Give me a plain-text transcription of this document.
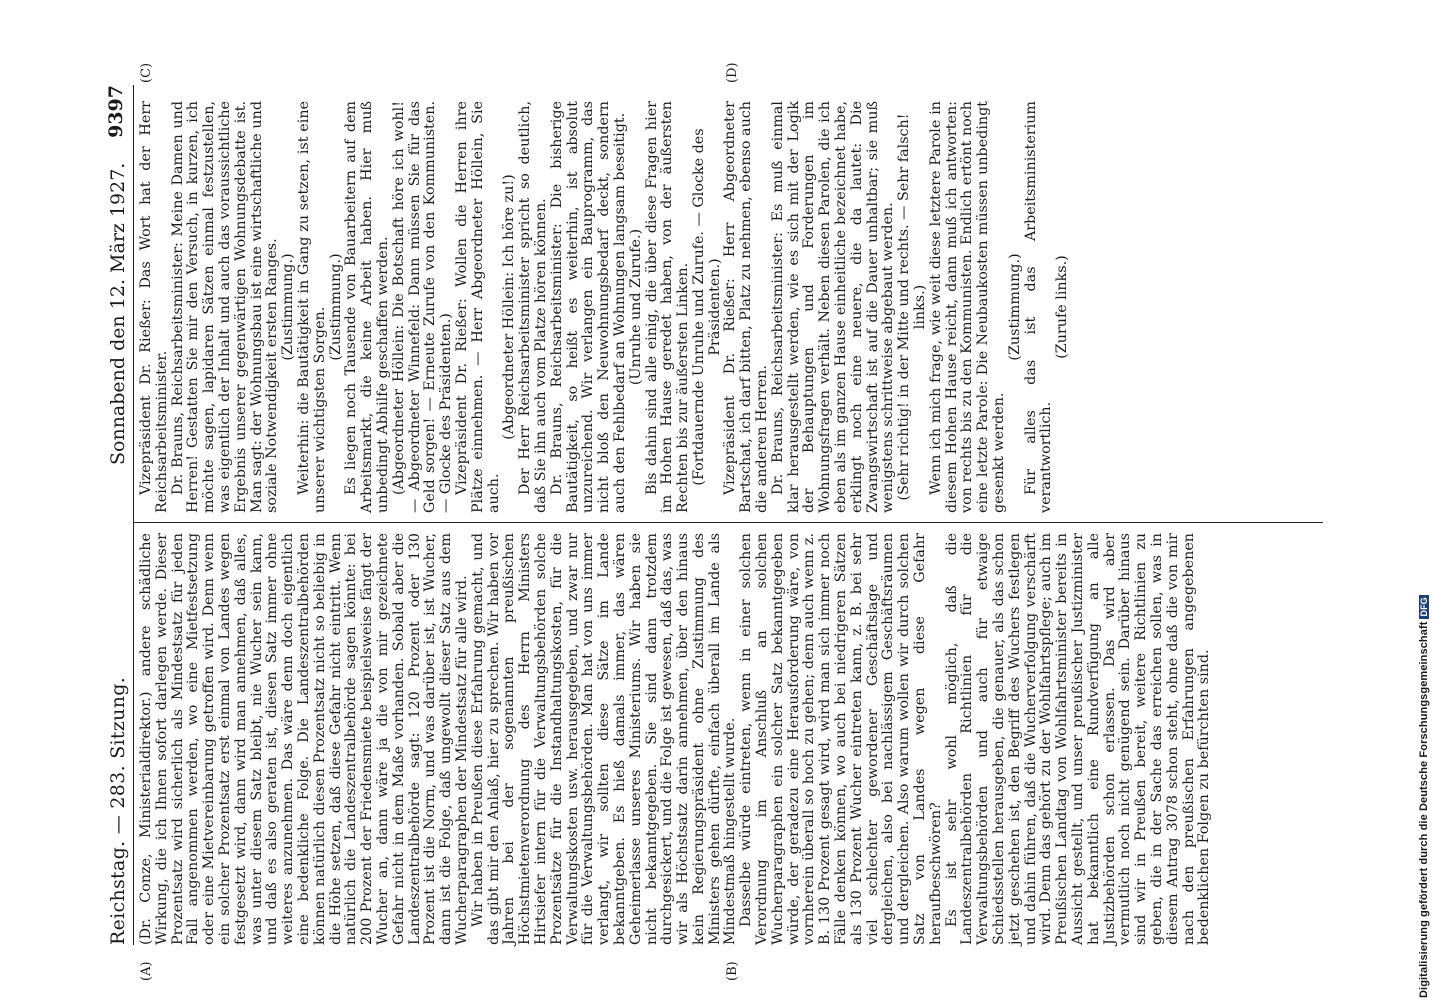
Reichstag. — 283. Sitzung.
Sonnabend den 12. März 1927.
9397
(A)	(B)
(C)	(D)

(Dr. Conze, Ministerialdirektor.) andere schädliche Wirkung, die ich Ihnen sofort darlegen werde. Dieser Prozentsatz wird sicherlich als Mindestsatz für jeden Fall angenommen werden, wo eine Mietfestsetzung oder eine Mietvereinbarung getroffen wird. Denn wenn ein solcher Prozentsatz erst einmal von Landes wegen festgesetzt wird, dann wird man annehmen, daß alles, was unter diesem Satz bleibt, nie Wucher sein kann, und daß es also geraten ist, diesen Satz immer ohne weiteres anzunehmen. Das wäre denn doch eigentlich eine bedenkliche Folge. Die Landeszentralbehörden können natürlich diesen Prozentsatz nicht so beliebig in die Höhe setzen, daß diese Gefahr nicht eintritt. Wenn natürlich die Landeszentralbehörde sagen könnte: bei 200 Prozent der Friedensmiete beispielsweise fängt der Wucher an, dann wäre ja die von mir gezeichnete Gefahr nicht in dem Maße vorhanden. Sobald aber die Landeszentralbehörde sagt: 120 Prozent oder 130 Prozent ist die Norm, und was darüber ist, ist Wucher, dann ist die Folge, daß ungewollt dieser Satz aus dem Wucherparagraphen der Mindestsatz für alle wird. Wir haben in Preußen diese Erfahrung gemacht, und das gibt mir den Anlaß, hier zu sprechen. Wir haben vor Jahren bei der sogenannten preußischen Höchstmietenverordnung des Herrn Ministers Hirtsiefer intern für die Verwaltungsbehörden solche Prozentsätze für die Instandhaltungskosten, für die Verwaltungskosten usw. herausgegeben, und zwar nur für die Verwaltungsbehörden. Man hat von uns immer verlangt, wir sollten diese Sätze im Lande bekanntgeben. Es hieß damals immer, das wären Geheimerlasse unseres Ministeriums. Wir haben sie nicht bekanntgegeben. Sie sind dann trotzdem durchgesickert, und die Folge ist gewesen, daß das, was wir als Höchstsatz darin annehmen, über den hinaus kein Regierungspräsident ohne Zustimmung des Ministers gehen dürfte, einfach überall im Lande als Mindestmaß hingestellt wurde. Dasselbe würde eintreten, wenn in einer solchen Verordnung im Anschluß an solchen Wucherparagraphen ein solcher Satz bekanntgegeben würde, der geradezu eine Herausforderung wäre, von vornherein überall so hoch zu gehen; denn auch wenn z. B. 130 Prozent gesagt wird, wird man sich immer noch Fälle denken können, wo auch bei niedrigeren Sätzen als 130 Prozent Wucher eintreten kann, z. B. bei sehr viel schlechter gewordener Geschäftslage und dergleichen, also bei nachlässigem Geschäftsräumen und dergleichen. Also warum wollen wir durch solchen Satz von Landes wegen diese Gefahr heraufbeschwören? Es ist sehr wohl möglich, daß die Landeszentralbehörden Richtlinien für die Verwaltungsbehörden und auch für etwaige Schiedsstellen herausgeben, die genauer, als das schon jetzt geschehen ist, den Begriff des Wuchers festlegen und dahin führen, daß die Wucherverfolgung verschärft wird. Denn das gehört zu der Wohlfahrtspflege; auch im Preußischen Landtag von Wohlfahrtsminister bereits in Aussicht gestellt, und unser preußischer Justizminister hat bekanntlich eine Rundverfügung an alle Justizbehörden schon erlassen. Das wird aber vermutlich noch nicht genügend sein. Darüber hinaus sind wir in Preußen bereit, weitere Richtlinien zu geben, die in der Sache das erreichen sollen, was in diesem Antrag 3078 schon steht, ohne daß die von mir nach den preußischen Erfahrungen angegebenen bedenklichen Folgen zu befürchten sind.

Vizepräsident Dr. Rießer: Das Wort hat der Herr Reichsarbeitsminister. Dr. Brauns, Reichsarbeitsminister: Meine Damen und Herren! Gestatten Sie mir den Versuch, in kurzen, ich möchte sagen, lapidaren Sätzen einmal festzustellen, was eigentlich der Inhalt und auch das voraussichtliche Ergebnis unserer gegenwärtigen Wohnungsdebatte ist. Man sagt: der Wohnungsbau ist eine wirtschaftliche und soziale Notwendigkeit ersten Ranges. (Zustimmung.) Weiterhin: die Bautätigkeit in Gang zu setzen, ist eine unserer wichtigsten Sorgen. (Zustimmung.) Es liegen noch Tausende von Bauarbeitern auf dem Arbeitsmarkt, die keine Arbeit haben. Hier muß unbedingt Abhilfe geschaffen werden. (Abgeordneter Höllein: Die Botschaft höre ich wohl! — Abgeordneter Winnefeld: Dann müssen Sie für das Geld sorgen! — Erneute Zurufe von den Kommunisten. — Glocke des Präsidenten.) Vizepräsident Dr. Rießer: Wollen die Herren ihre Plätze einnehmen. — Herr Abgeordneter Höllein, Sie auch.

(Abgeordneter Höllein: Ich höre zu!) Der Herr Reichsarbeitsminister spricht so deutlich, daß Sie ihn auch vom Platze hören können. Dr. Brauns, Reichsarbeitsminister: Die bisherige Bautätigkeit, so heißt es weiterhin, ist absolut unzureichend. Wir verlangen ein Bauprogramm, das nicht bloß den Neuwohnungsbedarf deckt, sondern auch den Fehlbedarf an Wohnungen langsam beseitigt. (Unruhe und Zurufe.) Bis dahin sind alle einig, die über diese Fragen hier im Hohen Hause geredet haben, von der äußersten Rechten bis zur äußersten Linken. (Fortdauernde Unruhe und Zurufe. — Glocke des Präsidenten.) Vizepräsident Dr. Rießer: Herr Abgeordneter Bartschat, ich darf bitten, Platz zu nehmen, ebenso auch die anderen Herren. Dr. Brauns, Reichsarbeitsminister: Es muß einmal klar herausgestellt werden, wie es sich mit der Logik der Behauptungen und Forderungen im Wohnungsfragen verhält. Neben diesen Parolen, die ich eben als im ganzen Hause einheitliche bezeichnet habe, erklingt noch eine neuere, die da lautet: Die Zwangswirtschaft ist auf die Dauer unhaltbar; sie muß wenigstens schrittweise abgebaut werden. (Sehr richtig! in der Mitte und rechts. — Sehr falsch! links.) Wenn ich mich frage, wie weit diese letztere Parole in diesem Hohen Hause reicht, dann muß ich antworten: von rechts bis zu den Kommunisten. Endlich ertönt noch eine letzte Parole: Die Neubaukosten müssen unbedingt gesenkt werden.

(Zustimmung.) Für alles das ist das Arbeitsministerium verantwortlich.

(Zurufe links.)

Digitalisierung gefördert durch die Deutsche ForschungsgemeinschaftDFG
